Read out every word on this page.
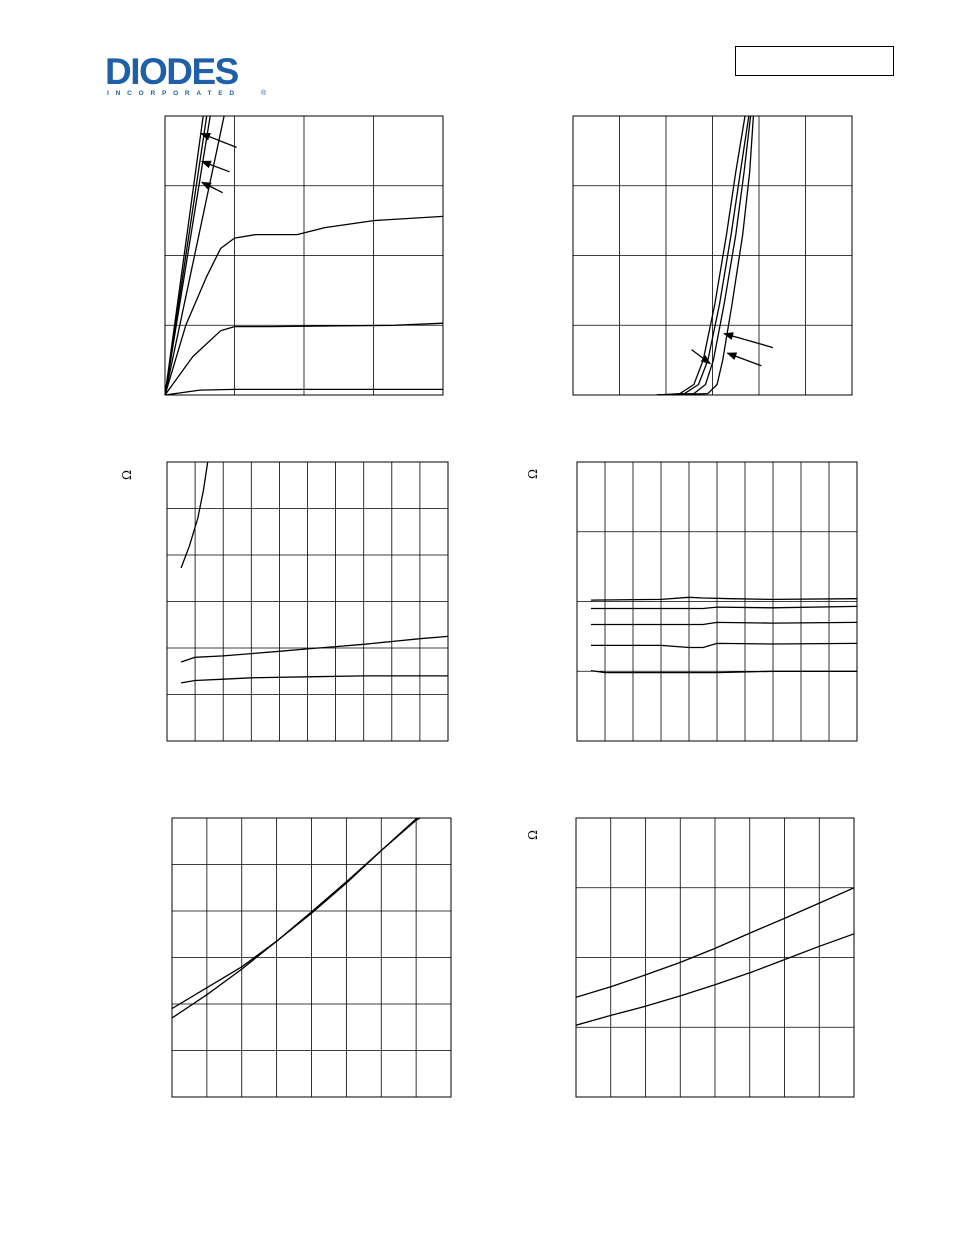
DIODES
INCORPORATED	®
Ω	Ω
Ω
